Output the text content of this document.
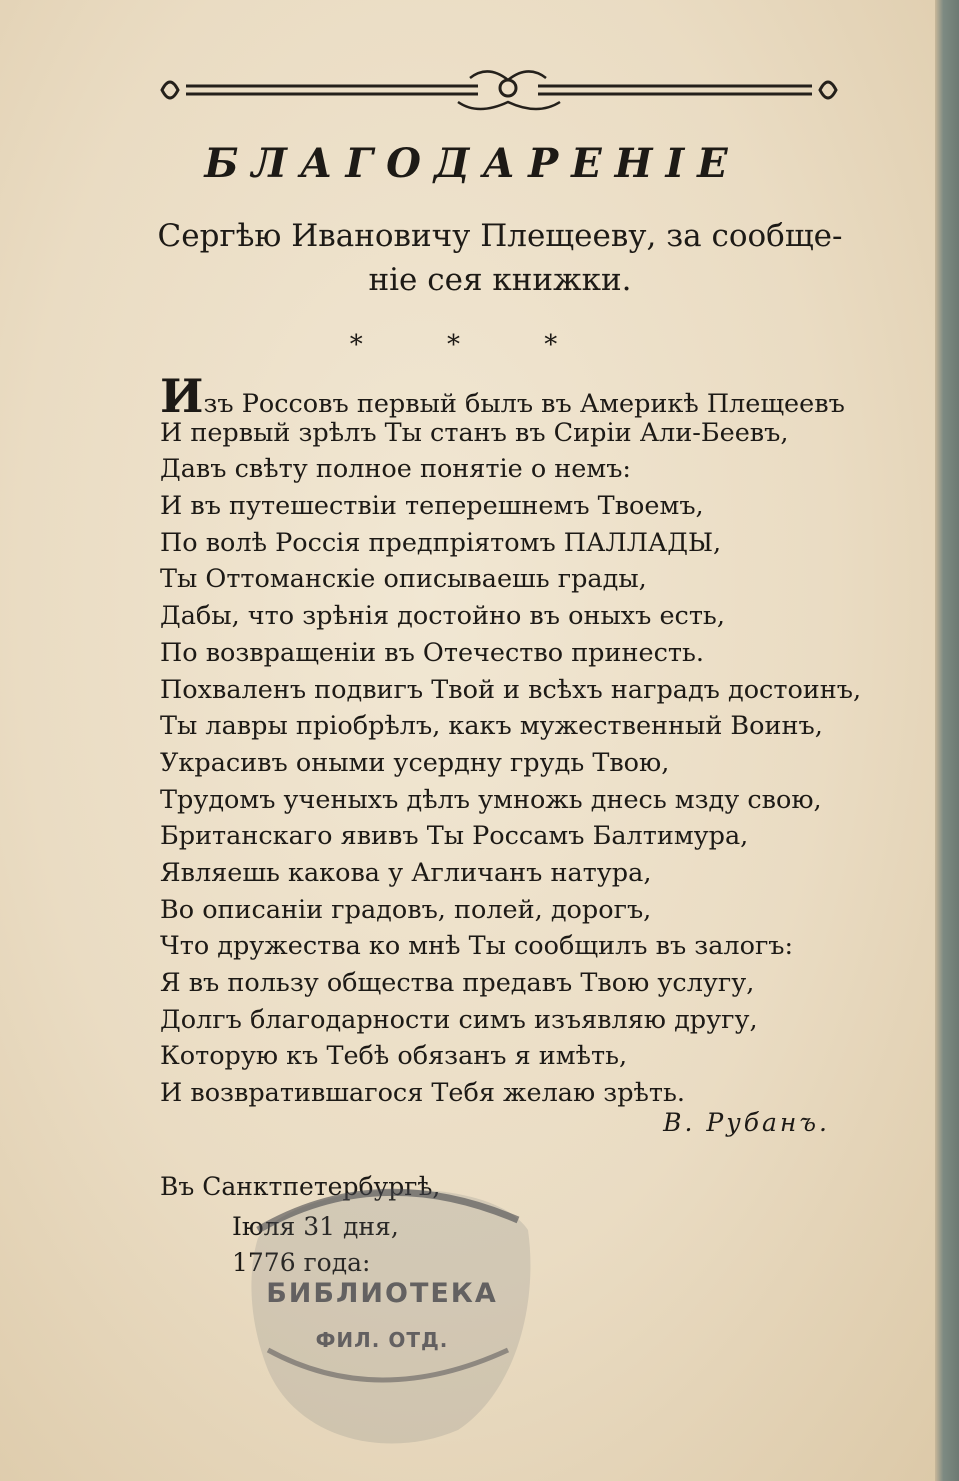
БЛАГОДАРЕНІЕ
Сергѣю Ивановичу Плещееву, за сообще-
ніе сея книжки.
* * *
Изъ Россовъ первый былъ въ Америкѣ Плещеевъ
И первый зрѣлъ Ты станъ въ Сиріи Али-Беевъ,
Давъ свѣту полное понятіе о немъ:
И въ путешествіи теперешнемъ Твоемъ,
По волѣ Россія предпріятомъ ПАЛЛАДЫ,
Ты Оттоманскіе описываешь грады,
Дабы, что зрѣнія достойно въ оныхъ есть,
По возвращеніи въ Отечество принесть.
Похваленъ подвигъ Твой и всѣхъ наградъ достоинъ,
Ты лавры пріобрѣлъ, какъ мужественный Воинъ,
Украсивъ оными усердну грудь Твою,
Трудомъ ученыхъ дѣлъ умножь днесь мзду свою,
Британскаго явивъ Ты Россамъ Балтимура,
Являешь какова у Агличанъ натура,
Во описаніи градовъ, полей, дорогъ,
Что дружества ко мнѣ Ты сообщилъ въ залогъ:
Я въ пользу общества предавъ Твою услугу,
Долгъ благодарности симъ изъявляю другу,
Которую къ Тебѣ обязанъ я имѣть,
И возвратившагося Тебя желаю зрѣть.
В. Рубанъ.
Въ Санктпетербургѣ,
Іюля 31 дня,
1776 года:
БИБЛИОТЕКА
ФИЛ. ОТД.
